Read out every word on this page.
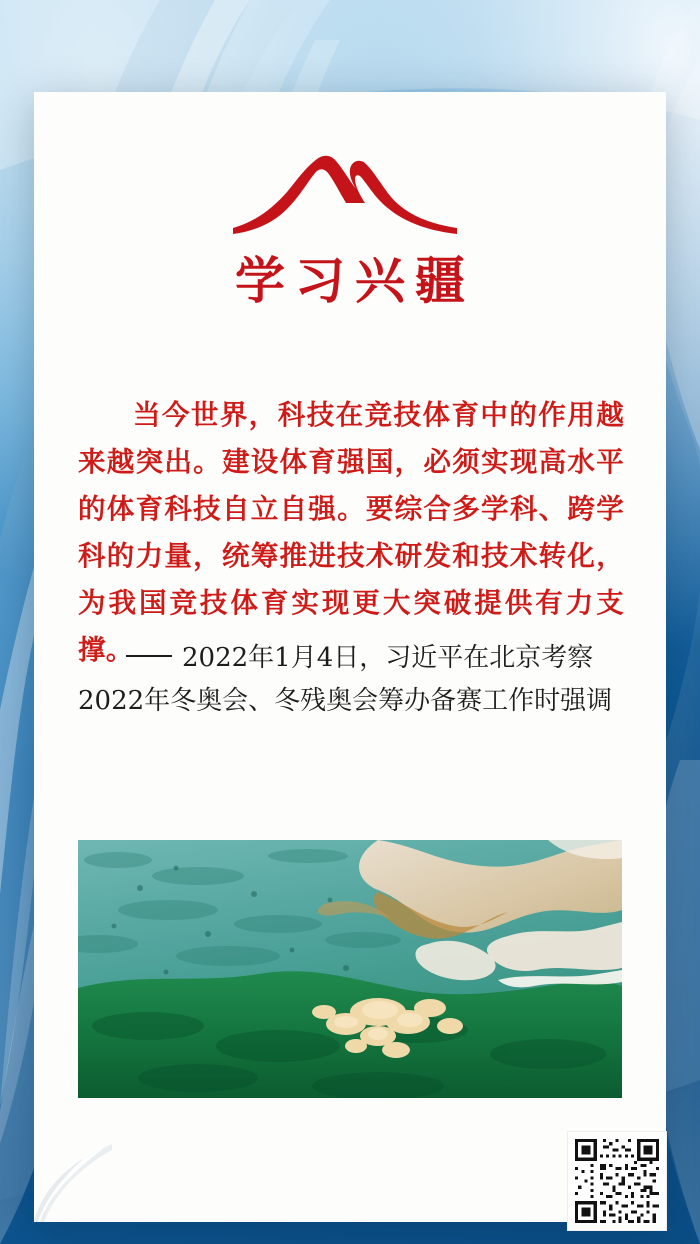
学习兴疆
当今世界，科技在竞技体育中的作用越来越突出。建设体育强国，必须实现高水平的体育科技自立自强。要综合多学科、跨学科的力量，统筹推进技术研发和技术转化，为我国竞技体育实现更大突破提供有力支撑。	2022年1月4日，习近平在北京考察
2022年冬奥会、冬残奥会筹办备赛工作时强调
